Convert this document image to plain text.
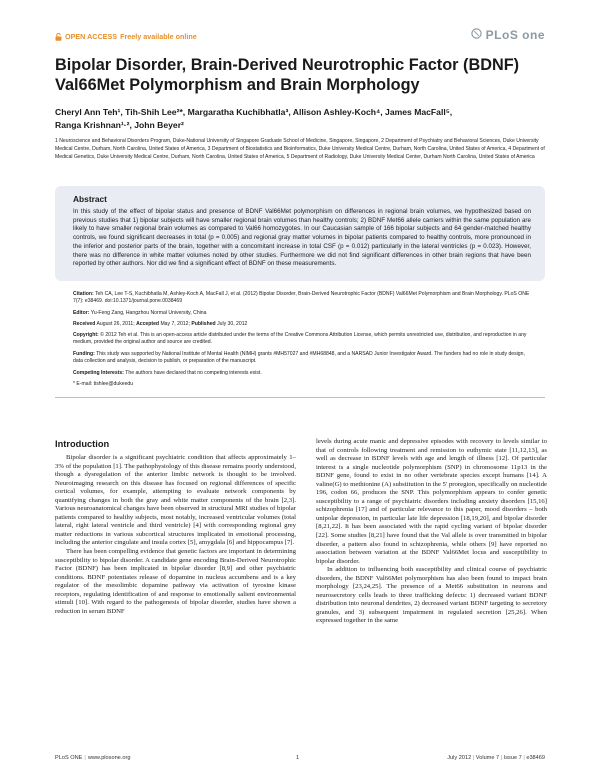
OPEN ACCESS Freely available online	PLoS one
Bipolar Disorder, Brain-Derived Neurotrophic Factor (BDNF) Val66Met Polymorphism and Brain Morphology
Cheryl Ann Teh¹, Tih-Shih Lee²*, Margaratha Kuchibhatla³, Allison Ashley-Koch⁴, James MacFall⁵,
Ranga Krishnan¹·², John Beyer²
1 Neuroscience and Behavioral Disorders Program, Duke-National University of Singapore Graduate School of Medicine, Singapore, Singapore, 2 Department of Psychiatry and Behavioral Sciences, Duke University Medical Centre, Durham, North Carolina, United States of America, 3 Department of Biostatistics and Bioinformatics, Duke University Medical Centre, Durham, North Carolina, United States of America, 4 Department of Medical Genetics, Duke University Medical Centre, Durham, North Carolina, United States of America, 5 Department of Radiology, Duke University Medical Center, Durham North Carolina, United States of America
Abstract
In this study of the effect of bipolar status and presence of BDNF Val66Met polymorphism on differences in regional brain volumes, we hypothesized based on previous studies that 1) bipolar subjects will have smaller regional brain volumes than healthy controls; 2) BDNF Met66 allele carriers within the same population are likely to have smaller regional brain volumes as compared to Val66 homozygotes. In our Caucasian sample of 166 bipolar subjects and 64 gender-matched healthy controls, we found significant decreases in total (p = 0.005) and regional gray matter volumes in bipolar patients compared to healthy controls, more pronounced in the inferior and posterior parts of the brain, together with a concomitant increase in total CSF (p = 0.012) particularly in the lateral ventricles (p = 0.023). However, there was no difference in white matter volumes noted by other studies. Furthermore we did not find significant differences in other brain regions that have been reported by other authors. Nor did we find a significant effect of BDNF on these measurements.
Citation: Teh CA, Lee T-S, Kuchibhatla M, Ashley-Koch A, MacFall J, et al. (2012) Bipolar Disorder, Brain-Derived Neurotrophic Factor (BDNF) Val66Met Polymorphism and Brain Morphology. PLoS ONE 7(7): e38469. doi:10.1371/journal.pone.0038469
Editor: Yu-Feng Zang, Hangzhou Normal University, China
Received August 26, 2011; Accepted May 7, 2012; Published July 30, 2012
Copyright: © 2012 Teh et al. This is an open-access article distributed under the terms of the Creative Commons Attribution License, which permits unrestricted use, distribution, and reproduction in any medium, provided the original author and source are credited.
Funding: This study was supported by National Institute of Mental Health (NIMH) grants #MH57027 and #MH68848, and a NARSAD Junior Investigator Award. The funders had no role in study design, data collection and analysis, decision to publish, or preparation of the manuscript.
Competing Interests: The authors have declared that no competing interests exist.
* E-mail: tishlee@dukeedu
Introduction

Bipolar disorder is a significant psychiatric condition that affects approximately 1–3% of the population [1]. The pathophysiology of this disease remains poorly understood, though a dysregulation of the anterior limbic network is thought to be involved. Neuroimaging research on this disease has focused on regional differences of specific cortical volumes, for example, attempting to evaluate network components by quantifying changes in both the gray and white matter components of the brain [2,3]. Various neuroanatomical changes have been observed in structural MRI studies of bipolar patients compared to healthy subjects, most notably, increased ventricular volumes (total lateral, right lateral ventricle and third ventricle) [4] with corresponding regional grey matter reductions in various subcortical structures implicated in emotional processing, including the anterior cingulate and insula cortex [5], amygdala [6] and hippocampus [7].

There has been compelling evidence that genetic factors are important in determining susceptibility to bipolar disorder. A candidate gene encoding Brain-Derived Neurotrophic Factor (BDNF) has been implicated in bipolar disorder [8,9] and other psychiatric conditions. BDNF potentiates release of dopamine in nucleus accumbens and is a key regulator of the mesolimbic dopamine pathway via activation of tyrosine kinase receptors, regulating identification of and response to emotionally salient environmental stimuli [10]. With regard to the pathogenesis of bipolar disorder, studies have shown a reduction in serum BDNF

levels during acute manic and depressive episodes with recovery to levels similar to that of controls following treatment and remission to euthymic state [11,12,13], as well as decrease in BDNF levels with age and length of illness [12]. Of particular interest is a single nucleotide polymorphism (SNP) in chromosome 11p13 in the BDNF gene, found to exist in no other vertebrate species except humans [14]. A valine(G) to methionine (A) substitution in the 5′ proregion, specifically on nucleotide 196, codon 66, produces the SNP. This polymorphism appears to confer genetic susceptibility to a range of psychiatric disorders including anxiety disorders [15,16] schizophrenia [17] and of particular relevance to this paper, mood disorders – both unipolar depression, in particular late life depression [18,19,20], and bipolar disorder [8,21,22]. It has been associated with the rapid cycling variant of bipolar disorder [22]. Some studies [8,21] have found that the Val allele is over transmitted in bipolar disorder, a pattern also found in schizophrenia, while others [9] have reported no association between variation at the BDNF Val66Met locus and susceptibility to bipolar disorder.

In addition to influencing both susceptibility and clinical course of psychiatric disorders, the BDNF Val66Met polymorphism has also been found to impact brain morphology [23,24,25]. The presence of a Met66 substitution in neurons and neurosecretory cells leads to three trafficking defects: 1) decreased variant BDNF distribution into neuronal dendrites, 2) decreased variant BDNF targeting to secretory granules, and 3) subsequent impairment in regulated secretion [25,26]. When expressed together in the same

PLoS ONE | www.plosone.org	1	July 2012 | Volume 7 | Issue 7 | e38469
